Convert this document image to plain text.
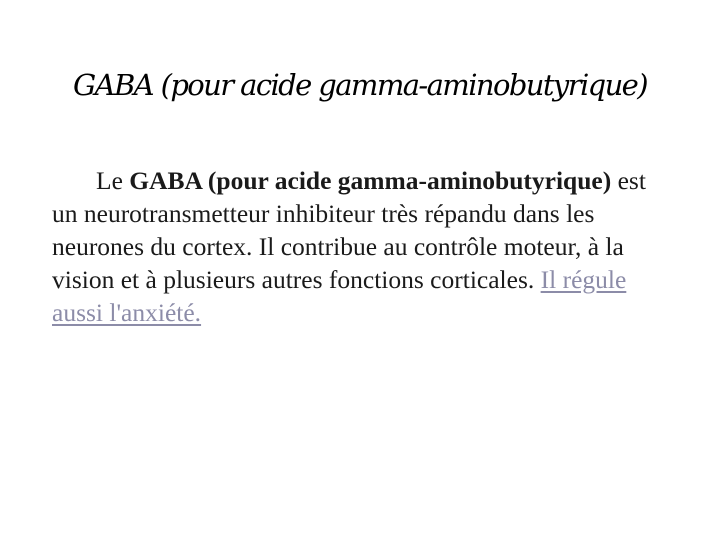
GABA (pour acide gamma-aminobutyrique)

Le GABA (pour acide gamma-aminobutyrique) est un neurotransmetteur inhibiteur très répandu dans les neurones du cortex. Il contribue au contrôle moteur, à la vision et à plusieurs autres fonctions corticales. Il régule aussi l'anxiété.
